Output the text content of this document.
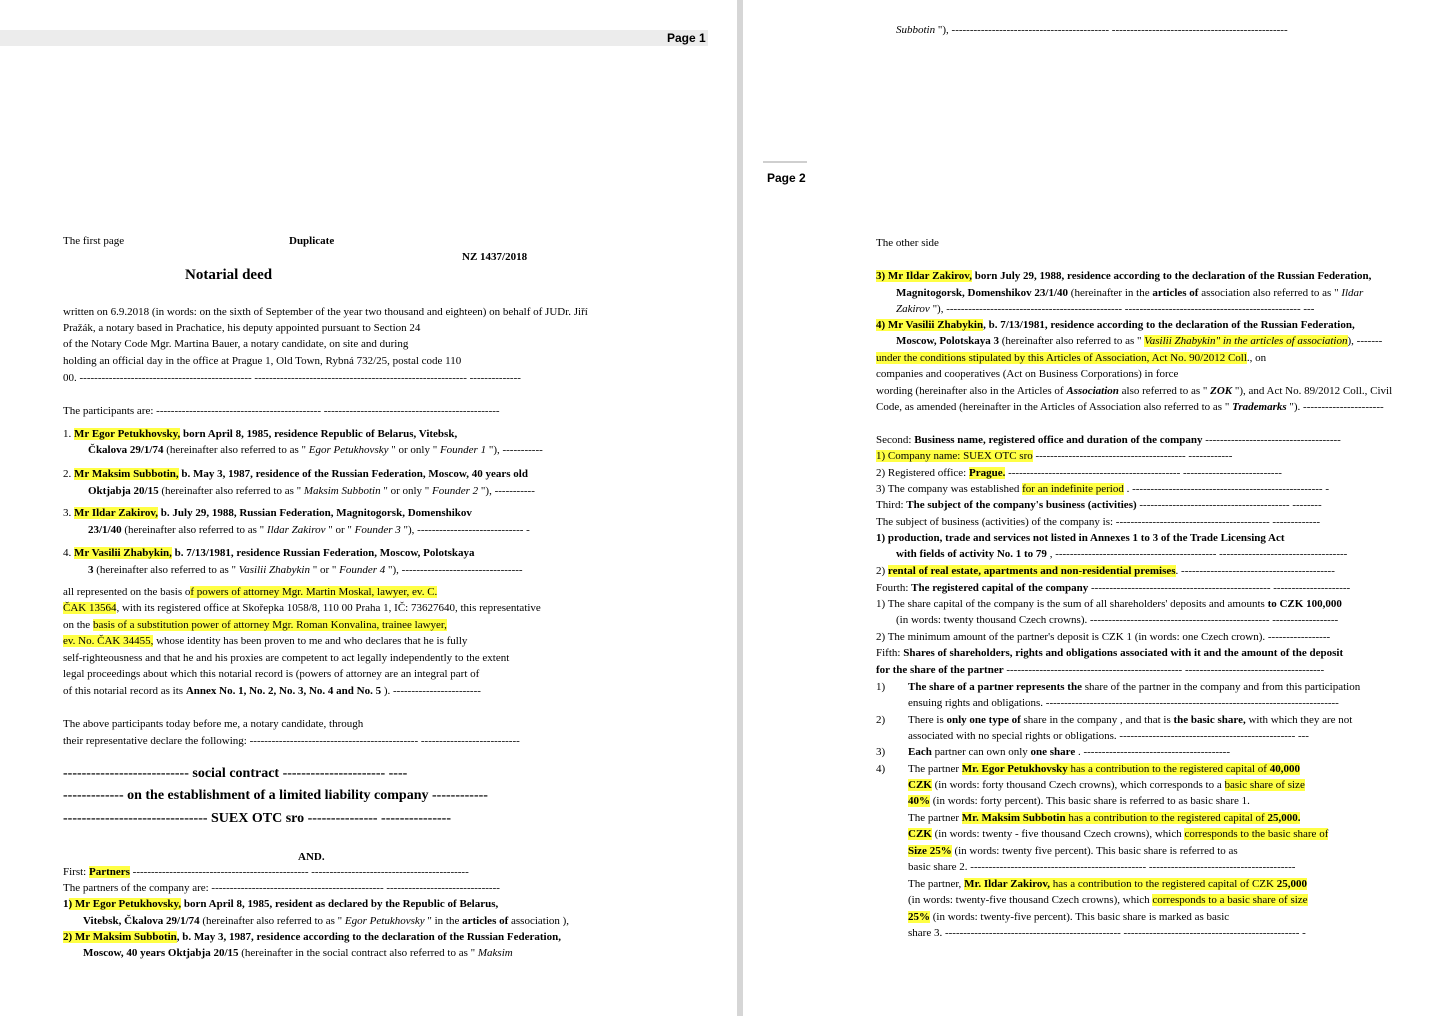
Page 1
The first page	Duplicate
NZ 1437/2018
Notarial deed
written on 6.9.2018 (in words: on the sixth of September of the year two thousand and eighteen) on behalf of JUDr. Jiří
Pražák, a notary based in Prachatice, his deputy appointed pursuant to Section 24
of the Notary Code Mgr. Martina Bauer, a notary candidate, on site and during
holding an official day in the office at Prague 1, Old Town, Rybná 732/25, postal code 110
00. ----------------------------------------------- ---------------------------------------------------------- --------------
The participants are: --------------------------------------------- ------------------------------------------------
1. Mr Egor Petukhovsky, born April 8, 1985, residence Republic of Belarus, Vitebsk,
Čkalova 29/1/74 (hereinafter also referred to as " Egor Petukhovsky " or only " Founder 1 "), -----------
2. Mr Maksim Subbotin, b. May 3, 1987, residence of the Russian Federation, Moscow, 40 years old
Oktjabja 20/15 (hereinafter also referred to as " Maksim Subbotin " or only " Founder 2 "), -----------
3. Mr Ildar Zakirov, b. July 29, 1988, Russian Federation, Magnitogorsk, Domenshikov
23/1/40 (hereinafter also referred to as " Ildar Zakirov " or " Founder 3 "), ----------------------------- -
4. Mr Vasilii Zhabykin, b. 7/13/1981, residence Russian Federation, Moscow, Polotskaya
3 (hereinafter also referred to as " Vasilii Zhabykin " or " Founder 4 "), ---------------------------------
all represented on the basis of powers of attorney Mgr. Martin Moskal, lawyer, ev. C.
ČAK 13564, with its registered office at Skořepka 1058/8, 110 00 Praha 1, IČ: 73627640, this representative
on the basis of a substitution power of attorney Mgr. Roman Konvalina, trainee lawyer,
ev. No. ČAK 34455, whose identity has been proven to me and who declares that he is fully
self-righteousness and that he and his proxies are competent to act legally independently to the extent
legal proceedings about which this notarial record is (powers of attorney are an integral part of
of this notarial record as its Annex No. 1, No. 2, No. 3, No. 4 and No. 5 ). ------------------------
The above participants today before me, a notary candidate, through
their representative declare the following: ---------------------------------------------- ---------------------------
--------------------------- social contract ---------------------- ----
------------- on the establishment of a limited liability company ------------
------------------------------- SUEX OTC sro --------------- ---------------
AND.
First: Partners ------------------------------------------------ -------------------------------------------
The partners of the company are: ----------------------------------------------- -------------------------------
1) Mr Egor Petukhovsky, born April 8, 1985, resident as declared by the Republic of Belarus,
Vitebsk, Čkalova 29/1/74 (hereinafter also referred to as " Egor Petukhovsky " in the articles of association ),
2) Mr Maksim Subbotin, b. May 3, 1987, residence according to the declaration of the Russian Federation,
Moscow, 40 years Oktjabja 20/15 (hereinafter in the social contract also referred to as " Maksim
Subbotin "), ------------------------------------------- ------------------------------------------------
Page 2
The other side
3) Mr Ildar Zakirov, born July 29, 1988, residence according to the declaration of the Russian Federation,
Magnitogorsk, Domenshikov 23/1/40 (hereinafter in the articles of association also referred to as " Ildar
Zakirov "), ------------------------------------------------ ------------------------------------------------ ---
4) Mr Vasilii Zhabykin, b. 7/13/1981, residence according to the declaration of the Russian Federation,
Moscow, Polotskaya 3 (hereinafter also referred to as " Vasilii Zhabykin" in the articles of association), -------
under the conditions stipulated by this Articles of Association, Act No. 90/2012 Coll., on
companies and cooperatives (Act on Business Corporations) in force
wording (hereinafter also in the Articles of Association also referred to as " ZOK "), and Act No. 89/2012 Coll., Civil
Code, as amended (hereinafter in the Articles of Association also referred to as " Trademarks "). ----------------------
Second: Business name, registered office and duration of the company -------------------------------------
1) Company name: SUEX OTC sro ----------------------------------------- ------------
2) Registered office: Prague. ----------------------------------------------- ---------------------------
3) The company was established for an indefinite period . ---------------------------------------------------- -
Third: The subject of the company's business (activities) ----------------------------------------- --------
The subject of business (activities) of the company is: ------------------------------------------ -------------
1) production, trade and services not listed in Annexes 1 to 3 of the Trade Licensing Act
with fields of activity No. 1 to 79 , -------------------------------------------- -----------------------------------
2) rental of real estate, apartments and non-residential premises. ------------------------------------------
Fourth: The registered capital of the company ------------------------------------------------- ---------------------
1) The share capital of the company is the sum of all shareholders' deposits and amounts to CZK 100,000
(in words: twenty thousand Czech crowns). ------------------------------------------------- ------------------
2) The minimum amount of the partner's deposit is CZK 1 (in words: one Czech crown). -----------------
Fifth: Shares of shareholders, rights and obligations associated with it and the amount of the deposit
for the share of the partner ------------------------------------------------ --------------------------------------
1) The share of a partner represents the share of the partner in the company and from this participation
ensuing rights and obligations. --------------------------------------------------------------------------------
2) There is only one type of share in the company , and that is the basic share, with which they are not
associated with no special rights or obligations. ------------------------------------------------ ---
3) Each partner can own only one share . ----------------------------------------
4) The partner Mr. Egor Petukhovsky has a contribution to the registered capital of 40,000
CZK (in words: forty thousand Czech crowns), which corresponds to a basic share of size
40% (in words: forty percent). This basic share is referred to as basic share 1.
The partner Mr. Maksim Subbotin has a contribution to the registered capital of 25,000.
CZK (in words: twenty - five thousand Czech crowns), which corresponds to the basic share of
Size 25% (in words: twenty five percent). This basic share is referred to as
basic share 2. ------------------------------------------------ ----------------------------------------
The partner, Mr. Ildar Zakirov, has a contribution to the registered capital of CZK 25,000
(in words: twenty-five thousand Czech crowns), which corresponds to a basic share of size
25% (in words: twenty-five percent). This basic share is marked as basic
share 3. ------------------------------------------------ ------------------------------------------------ -
